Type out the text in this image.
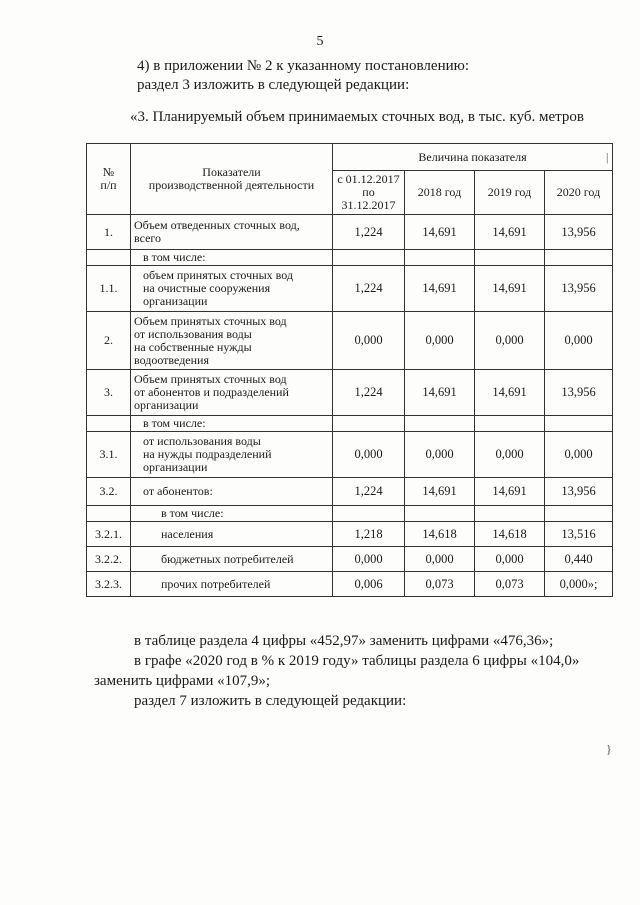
5
4) в приложении № 2 к указанному постановлению:
раздел 3 изложить в следующей редакции:
«3. Планируемый объем принимаемых сточных вод, в тыс. куб. метров
№
п/п	Показатели
производственной деятельности	Величина показателя			
		с 01.12.2017
по
31.12.2017	2018 год	2019 год	2020 год
1.	Объем отведенных сточных вод,
всего	1,224	14,691	14,691	13,956
	в том числе:				
1.1.	объем принятых сточных вод
на очистные сооружения
организации	1,224	14,691	14,691	13,956
2.	Объем принятых сточных вод
от использования воды
на собственные нужды
водоотведения	0,000	0,000	0,000	0,000
3.	Объем принятых сточных вод
от абонентов и подразделений
организации	1,224	14,691	14,691	13,956
	в том числе:				
3.1.	от использования воды
на нужды подразделений
организации	0,000	0,000	0,000	0,000
3.2.	от абонентов:	1,224	14,691	14,691	13,956
	в том числе:				
3.2.1.	населения	1,218	14,618	14,618	13,516
3.2.2.	бюджетных потребителей	0,000	0,000	0,000	0,440
3.2.3.	прочих потребителей	0,006	0,073	0,073	0,000»;
в таблице раздела 4 цифры «452,97» заменить цифрами «476,36»;
в графе «2020 год в % к 2019 году» таблицы раздела 6 цифры «104,0» заменить цифрами «107,9»;
раздел 7 изложить в следующей редакции:
|
}
